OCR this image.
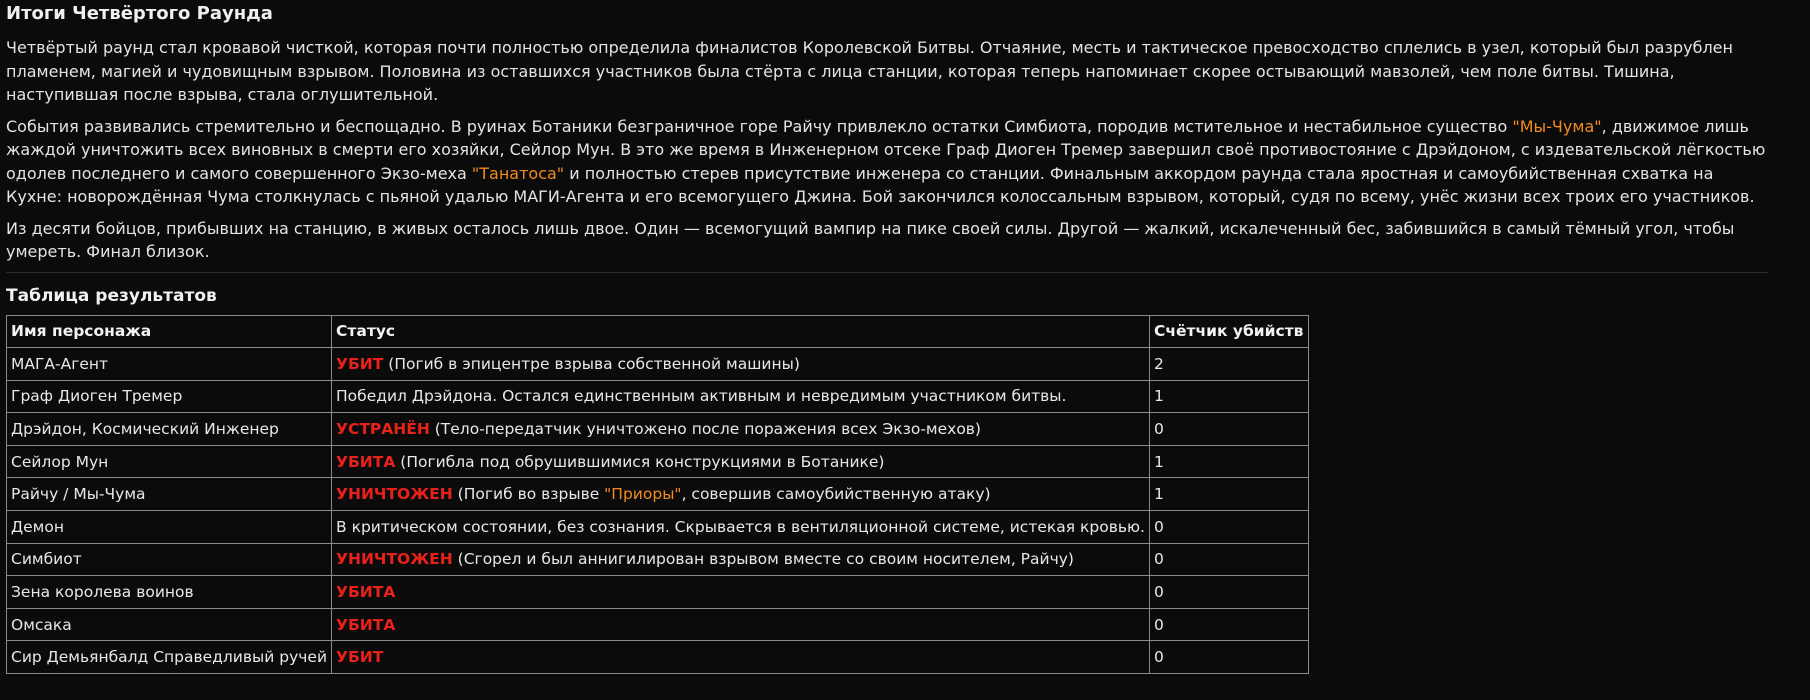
Итоги Четвёртого Раунда

Четвёртый раунд стал кровавой чисткой, которая почти полностью определила финалистов Королевской Битвы. Отчаяние, месть и тактическое превосходство сплелись в узел, который был разрублен пламенем, магией и чудовищным взрывом. Половина из оставшихся участников была стёрта с лица станции, которая теперь напоминает скорее остывающий мавзолей, чем поле битвы. Тишина, наступившая после взрыва, стала оглушительной.

События развивались стремительно и беспощадно. В руинах Ботаники безграничное горе Райчу привлекло остатки Симбиота, породив мстительное и нестабильное существо "Мы-Чума", движимое лишь жаждой уничтожить всех виновных в смерти его хозяйки, Сейлор Мун. В это же время в Инженерном отсеке Граф Диоген Тремер завершил своё противостояние с Дрэйдоном, с издевательской лёгкостью одолев последнего и самого совершенного Экзо-меха "Танатоса" и полностью стерев присутствие инженера со станции. Финальным аккордом раунда стала яростная и самоубийственная схватка на Кухне: новорождённая Чума столкнулась с пьяной удалью МАГИ-Агента и его всемогущего Джина. Бой закончился колоссальным взрывом, который, судя по всему, унёс жизни всех троих его участников.

Из десяти бойцов, прибывших на станцию, в живых осталось лишь двое. Один — всемогущий вампир на пике своей силы. Другой — жалкий, искалеченный бес, забившийся в самый тёмный угол, чтобы умереть. Финал близок.

Таблица результатов
Имя персонажа	Статус	Счётчик убийств
МАГА-Агент	УБИТ (Погиб в эпицентре взрыва собственной машины)	2
Граф Диоген Тремер	Победил Дрэйдона. Остался единственным активным и невредимым участником битвы.	1
Дрэйдон, Космический Инженер	УСТРАНЁН (Тело-передатчик уничтожено после поражения всех Экзо-мехов)	0
Сейлор Мун	УБИТА (Погибла под обрушившимися конструкциями в Ботанике)	1
Райчу / Мы-Чума	УНИЧТОЖЕН (Погиб во взрыве "Приоры", совершив самоубийственную атаку)	1
Демон	В критическом состоянии, без сознания. Скрывается в вентиляционной системе, истекая кровью.	0
Симбиот	УНИЧТОЖЕН (Сгорел и был аннигилирован взрывом вместе со своим носителем, Райчу)	0
Зена королева воинов	УБИТА	0
Омсака	УБИТА	0
Сир Демьянбалд Справедливый ручей	УБИТ	0
